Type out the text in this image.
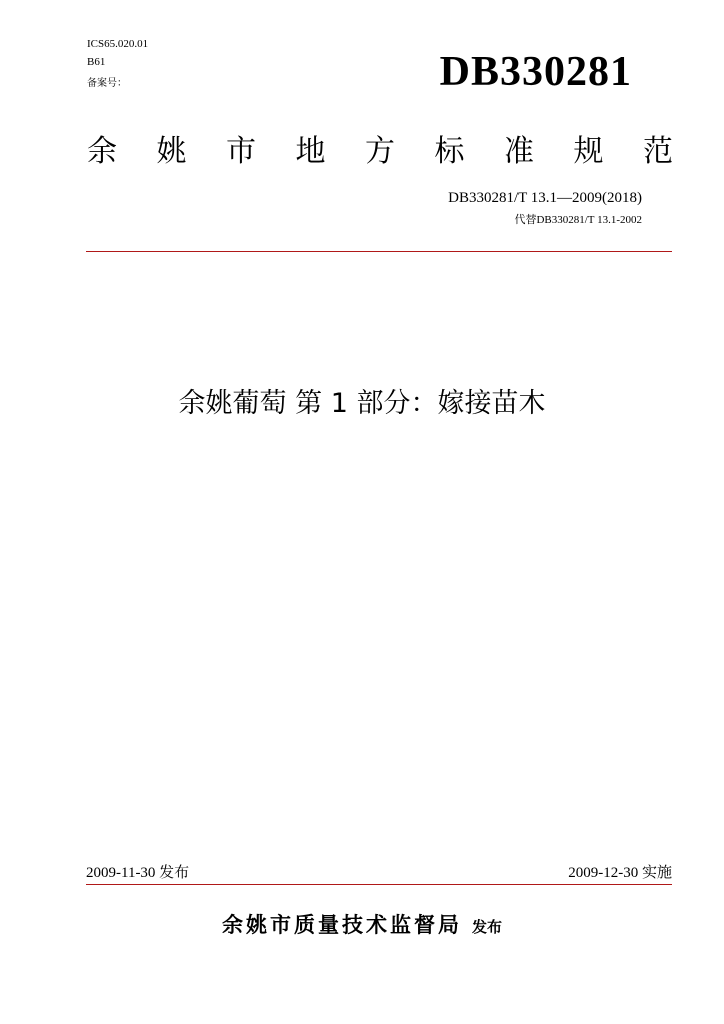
ICS65.020.01
B61
备案号：	DB330281
余 姚 市 地 方 标 准 规 范
DB330281/T 13.1—2009(2018)
代替DB330281/T 13.1-2002
余姚葡萄 第 1 部分：嫁接苗木
2009-11-30 发布	2009-12-30 实施
余姚市质量技术监督局 发布
